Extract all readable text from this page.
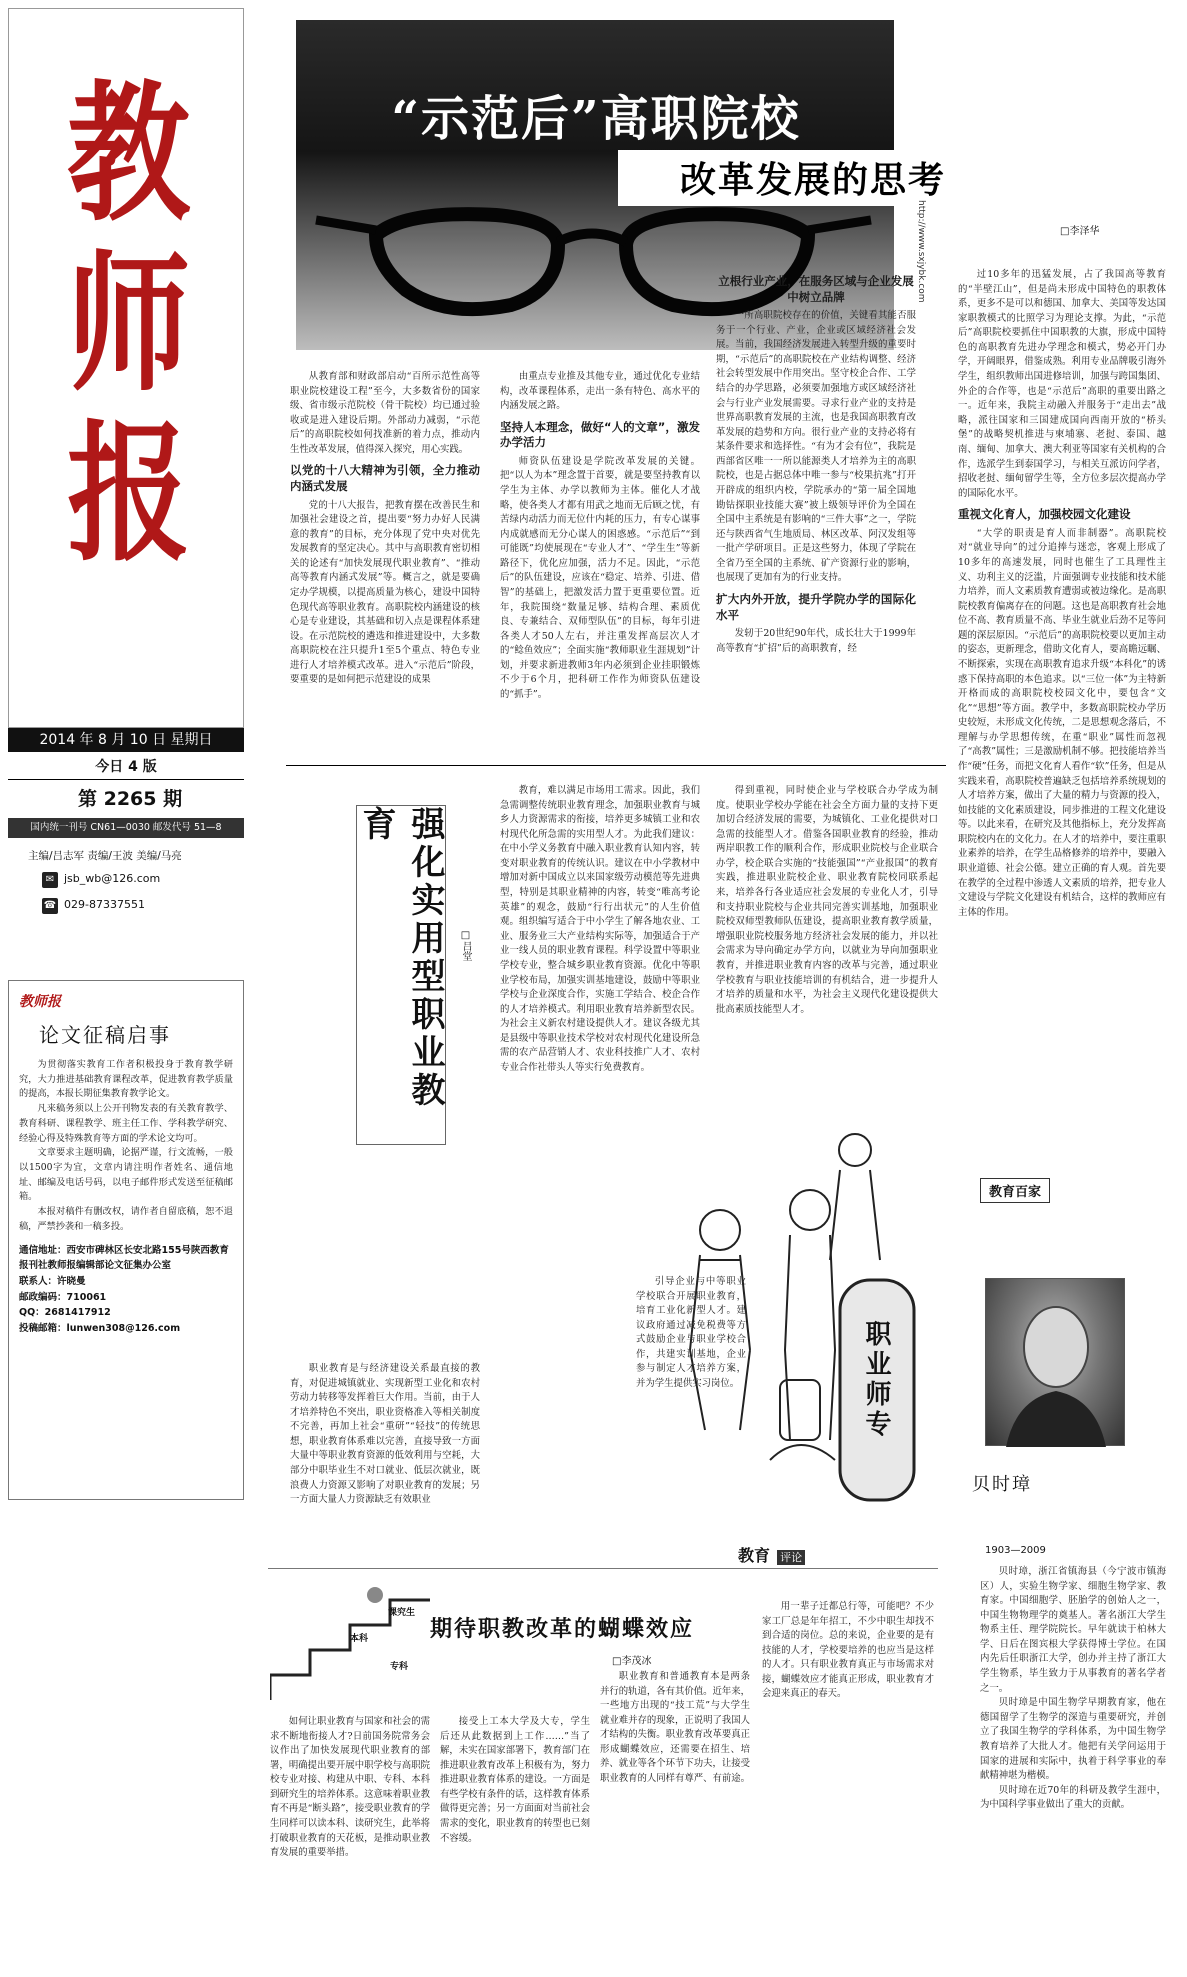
教师报
2014 年 8 月 10 日 星期日
今日 4 版
第 2265 期
国内统一刊号 CN61—0030 邮发代号 51—8
主编/吕志军 责编/王波 美编/马亮
✉ jsb_wb@126.com
☎ 029-87337551
“示范后”高职院校
改革发展的思考
□李泽华
http://www.sxjybk.com

从教育部和财政部启动“百所示范性高等职业院校建设工程”至今，大多数省份的国家级、省市级示范院校（骨干院校）均已通过验收或是进入建设后期。外部动力减弱，“示范后”的高职院校如何找准新的着力点，推动内生性改革发展，值得深入探究，用心实践。

以党的十八大精神为引领，全力推动内涵式发展

党的十八大报告，把教育摆在改善民生和加强社会建设之首，提出要“努力办好人民满意的教育”的目标，充分体现了党中央对优先发展教育的坚定决心。其中与高职教育密切相关的论述有“加快发展现代职业教育”、“推动高等教育内涵式发展”等。概言之，就是要确定办学规模，以提高质量为核心，建设中国特色现代高等职业教育。高职院校内涵建设的核心是专业建设，其基础和切入点是课程体系建设。在示范院校的遴选和推进建设中，大多数高职院校在注只提升1至5个重点、特色专业进行人才培养模式改革。进入“示范后”阶段，要重要的是如何把示范建设的成果

由重点专业推及其他专业，通过优化专业结构，改革课程体系，走出一条有特色、高水平的内涵发展之路。

坚持人本理念，做好“人的文章”，激发办学活力

师资队伍建设是学院改革发展的关键。把“以人为本”理念置于首要，就是要坚持教育以学生为主体、办学以教师为主体。催化人才战略，使各类人才都有用武之地而无后顾之忧，有苦绿内动活力而无位什内耗的压力，有专心谋事内成就感而无分心谋人的困惑感。“示范后”“到可能既”均使展现在“专业人才”、“学生生”等新路径下，优化应加强，活力不足。因此，“示范后”的队伍建设，应该在“稳定、培养、引进、借智”的基础上，把激发活力置于更重要位置。近年，我院围绕“数量足够、结构合理、素质优良、专兼结合、双师型队伍”的目标，每年引进各类人才50人左右，并注重发挥高层次人才的“鲶鱼效应”；全面实施“教师职业生涯规划”计划，并要求新进教师3年内必须到企业挂职锻炼不少于6个月，把科研工作作为师资队伍建设的“抓手”。

立根行业产业，在服务区域与企业发展中树立品牌

一所高职院校存在的价值，关键看其能否服务于一个行业、产业，企业或区域经济社会发展。当前，我国经济发展进入转型升级的重要时期，“示范后”的高职院校在产业结构调整、经济社会转型发展中作用突出。坚守校企合作、工学结合的办学思路，必须要加强地方或区域经济社会与行业产业发展需要。寻求行业产业的支持是世界高职教育发展的主流，也是我国高职教育改革发展的趋势和方向。很行业产业的支持必将有某条件要求和选择性。“有为才会有位”，我院是西部省区唯一一所以能源类人才培养为主的高职院校，也是占据总体中唯一参与“校果抗兆”打开开辟成的组织内校，学院承办的“第一届全国地勘钻探职业技能大赛”被上级领导评价为全国在全国中主系统是有影响的“三件大事”之一，学院还与陕西省气生地质局、林区改革、阿汉发组等一批产学研项目。正是这些努力，体现了学院在全省乃至全国的主系统、矿产资源行业的影响，也展现了更加有为的行业支持。

扩大内外开放，提升学院办学的国际化水平

发轫于20世纪90年代，成长壮大于1999年高等教育“扩招”后的高职教育，经

过10多年的迅猛发展，占了我国高等教育的“半壁江山”，但是尚未形成中国特色的职教体系，更多不是可以和德国、加拿大、美国等发达国家职教模式的比照学习为理论支撑。为此，“示范后”高职院校要抓住中国职教的大旗，形成中国特色的高职教育先进办学理念和模式，势必开门办学，开阔眼界，借鉴成熟。利用专业品牌吸引海外学生，组织教师出国进修培训，加强与跨国集团、外企的合作等，也是“示范后”高职的重要出路之一。近年来，我院主动融入并服务于“走出去”战略，派往国家和三国建成国向西南开放的“桥头堡”的战略契机推进与柬埔寨、老挝、泰国、越南、缅甸、加拿大、澳大利亚等国家有关机构的合作，选派学生到泰国学习，与相关互派访问学者，招收老挝、缅甸留学生等，全方位多层次提高办学的国际化水平。

重视文化育人，加强校园文化建设

“大学的职责是育人而非制器”。高职院校对“就业导向”的过分追捧与迷恋，客观上形成了10多年的高速发展，同时也催生了工具理性主义、功利主义的泛滥，片面强调专业技能和技术能力培养，而人文素质教育遭弱或被边缘化。是高职院校教育偏离存在的问题。这也是高职教育社会地位不高、教育质量不高、毕业生就业后劲不足等问题的深层原因。“示范后”的高职院校要以更加主动的姿态，更新理念，借助文化育人，要高瞻远瞩、不断探索，实现在高职教育追求升级“本科化”的诱惑下保持高职的本色追求。以“三位一体”为主特新开格而成的高职院校校园文化中，要包含“文化”“思想”等方面。教学中，多数高职院校办学历史较短，未形成文化传统，二是思想观念落后，不理解与办学思想传统，在重“职业”属性而忽视了“高教”属性；三是激励机制不够。把技能培养当作“硬”任务，而把文化育人看作“软”任务，但是从实践来看，高职院校普遍缺乏包括培养系统规划的人才培养方案，做出了大量的精力与资源的投入，如技能的文化素质建设，同步推进的工程文化建设等。以此来看，在研究及其他指标上，充分发挥高职院校内在的文化力。在人才的培养中，要注重职业素养的培养，在学生品格修养的培养中，要融入职业道德、社会公德。建立正确的育人观。首先要在教学的全过程中渗透人文素质的培养，把专业人文建设与学院文化建设有机结合，这样的教师应有主体的作用。

强化实用型职业教育
□吕堂
职业教育是与经济建设关系最直接的教育，对促进城镇就业、实现新型工业化和农村劳动力转移等发挥着巨大作用。当前，由于人才培养特色不突出，职业资格准入等相关制度不完善，再加上社会“重研”“轻技”的传统思想，职业教育体系难以完善，直接导致一方面大量中等职业教育资源的低效利用与空耗，大部分中职毕业生不对口就业、低层次就业，既浪费人力资源又影响了对职业教育的发展；另一方面大量人力资源缺乏有效职业
教育，难以满足市场用工需求。因此，我们急需调整传统职业教育理念，加强职业教育与城乡人力资源需求的衔接，培养更多城镇工业和农村现代化所急需的实用型人才。为此我们建议：在中小学义务教育中融入职业教育认知内容，转变对职业教育的传统认识。建议在中小学教材中增加对新中国成立以来国家级劳动模范等先进典型，特别是其职业精神的内容，转变“唯高考论英雄”的观念，鼓励“行行出状元”的人生价值观。组织编写适合于中小学生了解各地农业、工业、服务业三大产业结构实际等，加强适合于产业一线人员的职业教育课程。科学设置中等职业学校专业，整合城乡职业教育资源。优化中等职业学校布局，加强实训基地建设，鼓励中等职业学校与企业深度合作，实施工学结合、校企合作的人才培养模式。利用职业教育培养新型农民。为社会主义新农村建设提供人才。建议各级尤其是县级中等职业技术学校对农村现代化建设所急需的农产品营销人才、农业科技推广人才、农村专业合作社带头人等实行免费教育。
得到重视，同时使企业与学校联合办学成为制度。使职业学校办学能在社会全方面力量的支持下更加切合经济发展的需要，为城镇化、工业化提供对口急需的技能型人才。借鉴各国职业教育的经验，推动两岸职教工作的顺利合作，形成职业院校与企业联合办学，校企联合实施的“技能强国”“产业报国”的教育实践，推进职业院校企业、职业教育院校同联系起来，培养各行各业适应社会发展的专业化人才，引导和支持职业院校与企业共同完善实训基地，加强职业院校双师型教师队伍建设，提高职业教育教学质量，增强职业院校服务地方经济社会发展的能力，并以社会需求为导向确定办学方向，以就业为导向加强职业教育，并推进职业教育内容的改革与完善，通过职业学校教育与职业技能培训的有机结合，进一步提升人才培养的质量和水平，为社会主义现代化建设提供大批高素质技能型人才。
引导企业与中等职业学校联合开展职业教育，培育工业化新型人才。建议政府通过减免税费等方式鼓励企业与职业学校合作，共建实训基地，企业参与制定人才培养方案，并为学生提供实习岗位。	职业师专
教师报
论文征稿启事

为贯彻落实教育工作者积极投身于教育教学研究，大力推进基础教育课程改革，促进教育教学质量的提高，本报长期征集教育教学论文。

凡来稿务须以上公开刊物发表的有关教育教学、教育科研、课程教学、班主任工作、学科教学研究、经验心得及特殊教育等方面的学术论文均可。

文章要求主题明确，论据严谨，行文流畅，一般以1500字为宜，文章内请注明作者姓名、通信地址、邮编及电话号码，以电子邮件形式发送至征稿邮箱。

本报对稿件有删改权，请作者自留底稿，恕不退稿，严禁抄袭和一稿多投。

通信地址：西安市碑林区长安北路155号陕西教育报刊社教师报编辑部论文征集办公室
联系人：许晓曼
邮政编码：710061
QQ：2681417912
投稿邮箱：lunwen308@126.com
教育百家
贝时璋
1903—2009

贝时璋，浙江省镇海县（今宁波市镇海区）人，实验生物学家、细胞生物学家、教育家。中国细胞学、胚胎学的创始人之一，中国生物物理学的奠基人。著名浙江大学生物系主任、理学院院长。早年就读于柏林大学、日后在图宾根大学获得博士学位。在国内先后任职浙江大学，创办并主持了浙江大学生物系，毕生致力于从事教育的著名学者之一。

贝时璋是中国生物学早期教育家，他在德国留学了生物学的深造与重要研究，并创立了我国生物学的学科体系，为中国生物学教育培养了大批人才。他把有关学问运用于国家的进展和实际中，执着于科学事业的奉献精神堪为楷模。

贝时璋在近70年的科研及教学生涯中，为中国科学事业做出了重大的贡献。

教育 评论
期待职教改革的蝴蝶效应
□李茂冰
本科
专科
课究生
如何让职业教育与国家和社会的需求不断地衔接人才?日前国务院常务会议作出了加快发展现代职业教育的部署，明确提出要开展中职学校与高职院校专业对接、构建从中职、专科、本科到研究生的培养体系。这意味着职业教育不再是“断头路”，接受职业教育的学生同样可以读本科、读研究生，此举将打破职业教育的天花板，是推动职业教育发展的重要举措。
接受上工本大学及大专，学生后还从此数据到上工作……”当了解，未实在国家部署下，教育部门在推进职业教育改革上积极有为，努力推进职业教育体系的建设。一方面是有些学校有条件的话，这样教育体系做得更完善；另一方面面对当前社会需求的变化，职业教育的转型也已刻不容缓。
职业教育和普通教育本是两条并行的轨道，各有其价值。近年来，一些地方出现的“技工荒”与大学生就业难并存的现象，正说明了我国人才结构的失衡。职业教育改革要真正形成蝴蝶效应，还需要在招生、培养、就业等各个环节下功夫，让接受职业教育的人同样有尊严、有前途。
用一辈子迁都总行等，可能吧？不少家工厂总是年年招工，不少中职生却找不到合适的岗位。总的来说，企业要的是有技能的人才，学校要培养的也应当是这样的人才。只有职业教育真正与市场需求对接，蝴蝶效应才能真正形成，职业教育才会迎来真正的春天。
